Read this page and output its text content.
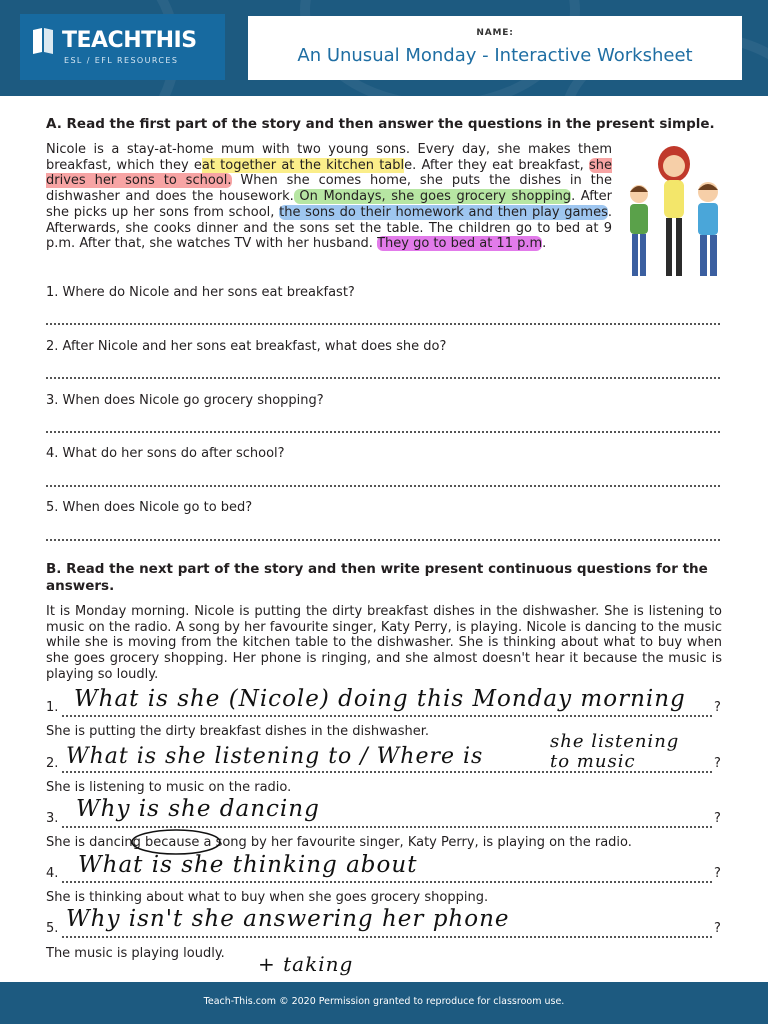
TEACHTHIS
ESL / EFL RESOURCES
NAME:
An Unusual Monday - Interactive Worksheet
A. Read the first part of the story and then answer the questions in the present simple.
Nicole is a stay-at-home mum with two young sons. Every day, she makes them breakfast, which they eat together at the kitchen table. After they eat breakfast, she drives her sons to school. When she comes home, she puts the dishes in the dishwasher and does the housework. On Mondays, she goes grocery shopping. After she picks up her sons from school, the sons do their homework and then play games. Afterwards, she cooks dinner and the sons set the table. The children go to bed at 9 p.m. After that, she watches TV with her husband. They go to bed at 11 p.m.
1. Where do Nicole and her sons eat breakfast?
2. After Nicole and her sons eat breakfast, what does she do?
3. When does Nicole go grocery shopping?
4. What do her sons do after school?
5. When does Nicole go to bed?
B. Read the next part of the story and then write present continuous questions for the answers.
It is Monday morning. Nicole is putting the dirty breakfast dishes in the dishwasher. She is listening to music on the radio. A song by her favourite singer, Katy Perry, is playing. Nicole is dancing to the music while she is moving from the kitchen table to the dishwasher. She is thinking about what to buy when she goes grocery shopping. Her phone is ringing, and she almost doesn't hear it because the music is playing so loudly.
1.	?
What is she (Nicole) doing this Monday morning
She is putting the dirty breakfast dishes in the dishwasher.
2.	?
What is she listening to / Where is
she listening to music
She is listening to music on the radio.
3.	?
Why is she dancing
She is dancing because a song by her favourite singer, Katy Perry, is playing on the radio.
4.	?
What is she thinking about
She is thinking about what to buy when she goes grocery shopping.
5.	?
Why isn't she answering her phone
The music is playing loudly. + taking
Teach-This.com © 2020 Permission granted to reproduce for classroom use.
